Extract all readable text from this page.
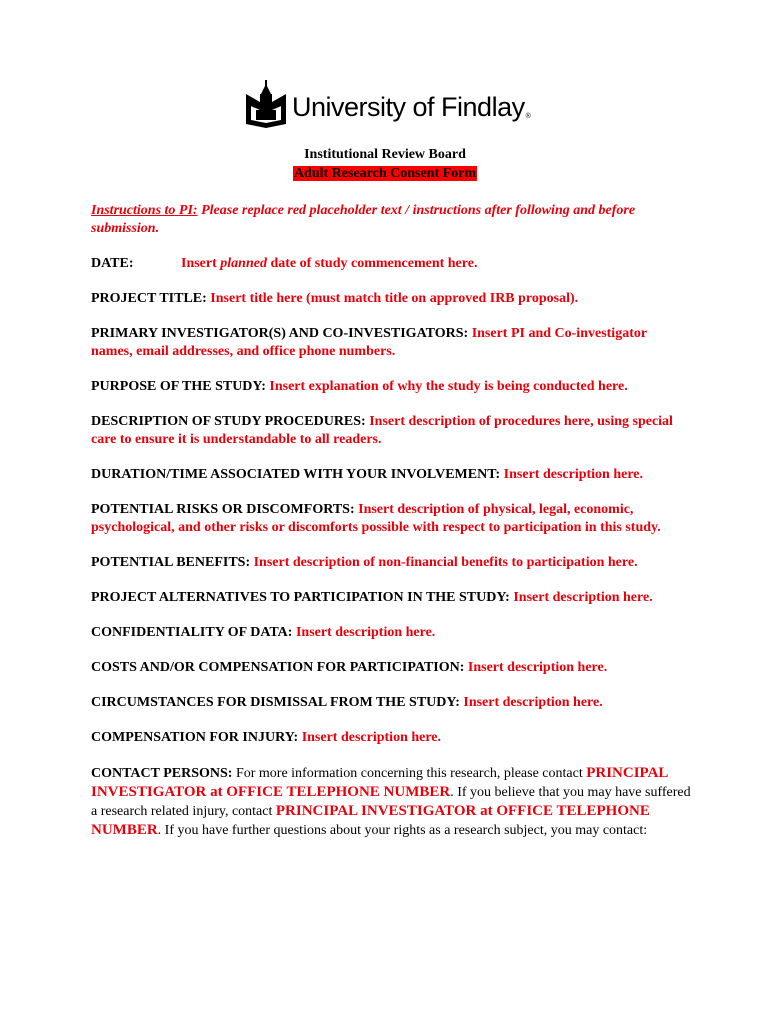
University of Findlay ®
Institutional Review Board
Adult Research Consent Form

Instructions to PI: Please replace red placeholder text / instructions after following and before submission.

DATE:	Insert planned date of study commencement here.

PROJECT TITLE: Insert title here (must match title on approved IRB proposal).

PRIMARY INVESTIGATOR(S) AND CO-INVESTIGATORS: Insert PI and Co-investigator names, email addresses, and office phone numbers.

PURPOSE OF THE STUDY: Insert explanation of why the study is being conducted here.

DESCRIPTION OF STUDY PROCEDURES: Insert description of procedures here, using special care to ensure it is understandable to all readers.

DURATION/TIME ASSOCIATED WITH YOUR INVOLVEMENT: Insert description here.

POTENTIAL RISKS OR DISCOMFORTS: Insert description of physical, legal, economic, psychological, and other risks or discomforts possible with respect to participation in this study.

POTENTIAL BENEFITS: Insert description of non-financial benefits to participation here.

PROJECT ALTERNATIVES TO PARTICIPATION IN THE STUDY: Insert description here.

CONFIDENTIALITY OF DATA: Insert description here.

COSTS AND/OR COMPENSATION FOR PARTICIPATION: Insert description here.

CIRCUMSTANCES FOR DISMISSAL FROM THE STUDY: Insert description here.

COMPENSATION FOR INJURY: Insert description here.

CONTACT PERSONS: For more information concerning this research, please contact PRINCIPAL INVESTIGATOR at OFFICE TELEPHONE NUMBER. If you believe that you may have suffered a research related injury, contact PRINCIPAL INVESTIGATOR at OFFICE TELEPHONE NUMBER. If you have further questions about your rights as a research subject, you may contact:
